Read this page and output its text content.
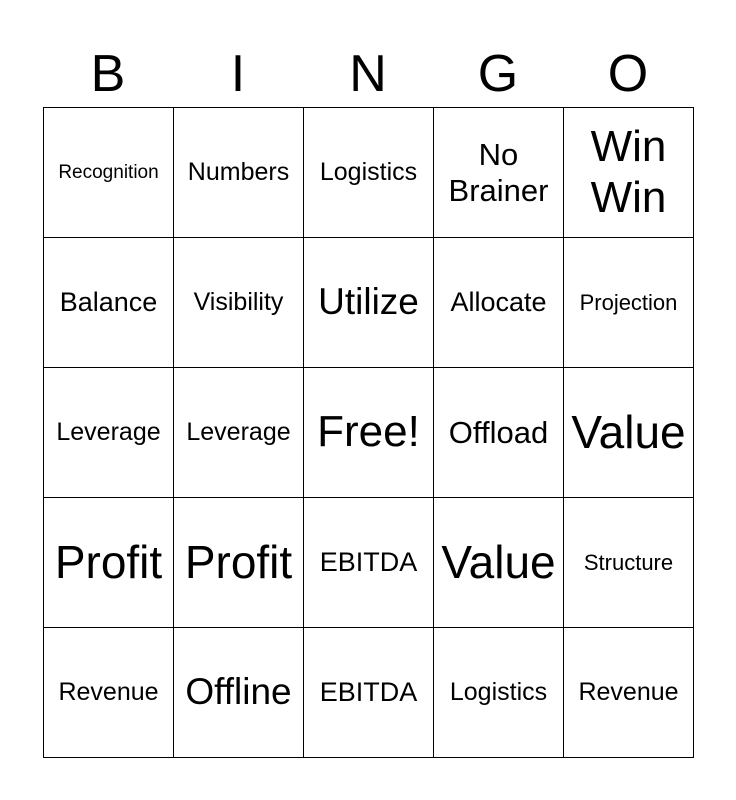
B	I	N	G	O
Recognition	Numbers	Logistics	No Brainer	Win Win
Balance	Visibility	Utilize	Allocate	Projection
Leverage	Leverage	Free!	Offload	Value
Profit	Profit	EBITDA	Value	Structure
Revenue	Offline	EBITDA	Logistics	Revenue
